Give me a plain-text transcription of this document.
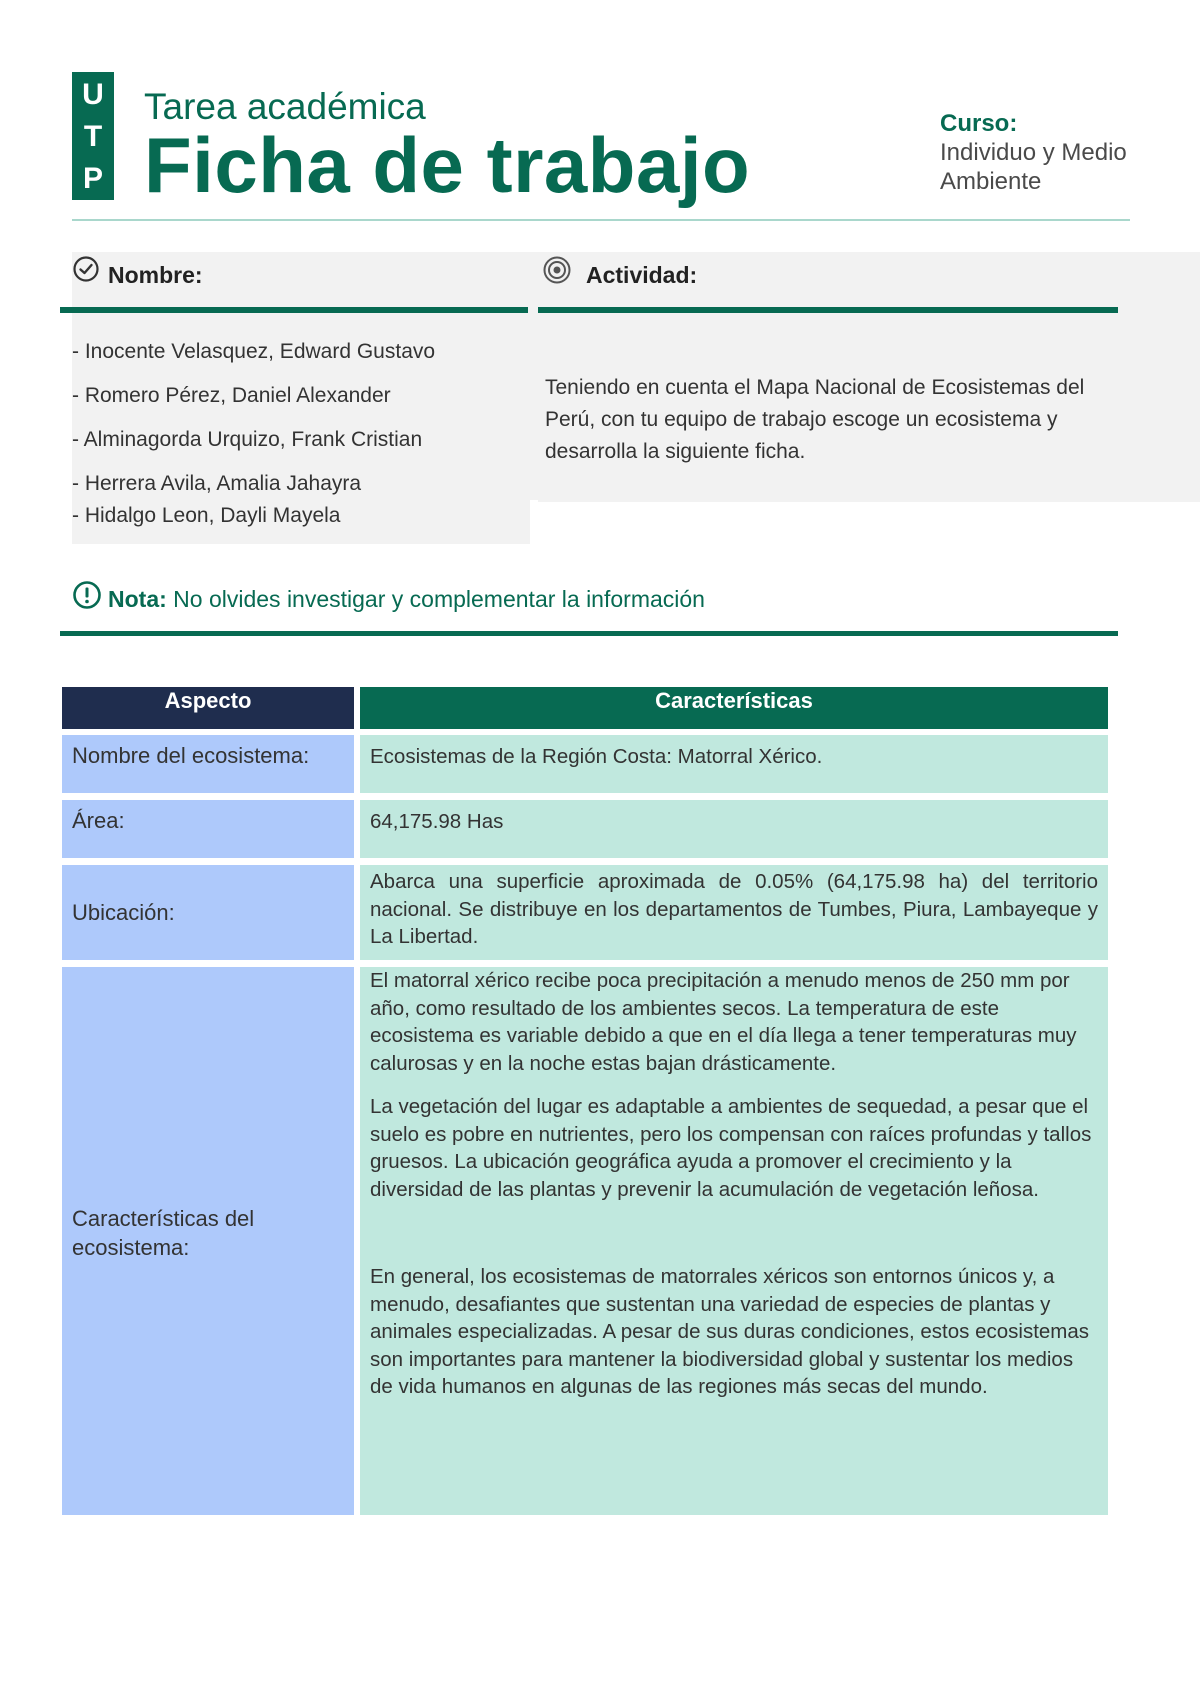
U
T
P
Tarea académica
Ficha de trabajo	Curso:
Individuo y Medio Ambiente
Nombre:	Actividad:
- Inocente Velasquez, Edward Gustavo
- Romero Pérez, Daniel Alexander
- Alminagorda Urquizo, Frank Cristian
- Herrera Avila, Amalia Jahayra
- Hidalgo Leon, Dayli Mayela
Teniendo en cuenta el Mapa Nacional de Ecosistemas del Perú, con tu equipo de trabajo escoge un ecosistema y desarrolla la siguiente ficha.
Nota: No olvides investigar y complementar la información
Aspecto	Características
Nombre del ecosistema:	Ecosistemas de la Región Costa: Matorral Xérico.
Área:	64,175.98 Has
Ubicación:
Abarca una superficie aproximada de 0.05% (64,175.98 ha) del territorio nacional. Se distribuye en los departamentos de Tumbes, Piura, Lambayeque y La Libertad.
Características del ecosistema:

El matorral xérico recibe poca precipitación a menudo menos de 250 mm por año, como resultado de los ambientes secos. La temperatura de este ecosistema es variable debido a que en el día llega a tener temperaturas muy calurosas y en la noche estas bajan drásticamente.

La vegetación del lugar es adaptable a ambientes de sequedad, a pesar que el suelo es pobre en nutrientes, pero los compensan con raíces profundas y tallos gruesos. La ubicación geográfica ayuda a promover el crecimiento y la diversidad de las plantas y prevenir la acumulación de vegetación leñosa.

En general, los ecosistemas de matorrales xéricos son entornos únicos y, a menudo, desafiantes que sustentan una variedad de especies de plantas y animales especializadas. A pesar de sus duras condiciones, estos ecosistemas son importantes para mantener la biodiversidad global y sustentar los medios de vida humanos en algunas de las regiones más secas del mundo.
